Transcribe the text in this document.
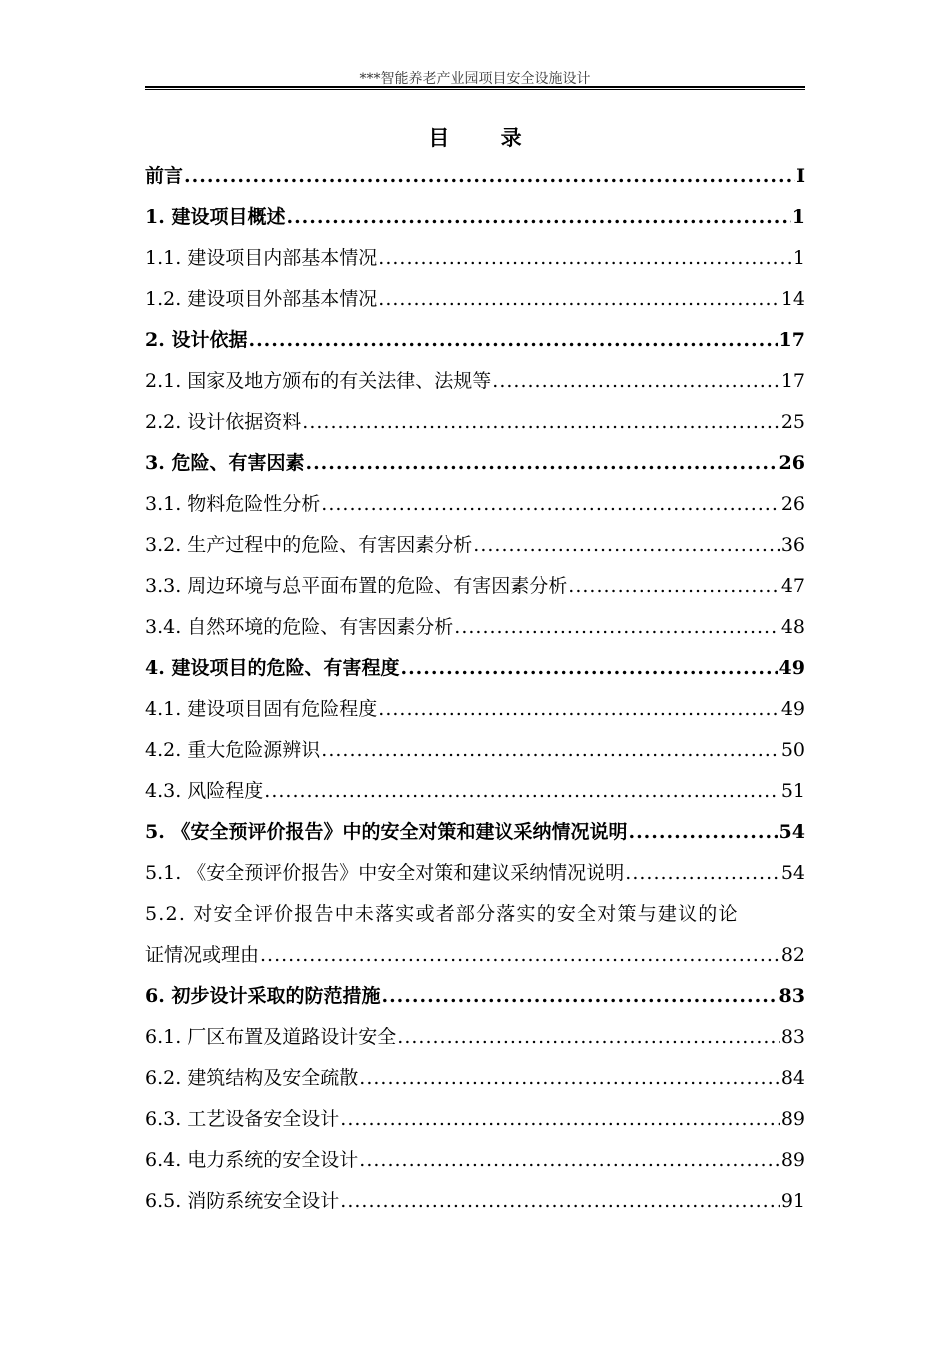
***智能养老产业园项目安全设施设计
目 录
前言 .....	I
1. 建设项目概述 .....	1
1.1. 建设项目内部基本情况 .....	1
1.2. 建设项目外部基本情况 .....	14
2. 设计依据 .....	17
2.1. 国家及地方颁布的有关法律、法规等 .....	17
2.2. 设计依据资料 .....	25
3. 危险、有害因素 .....	26
3.1. 物料危险性分析 .....	26
3.2. 生产过程中的危险、有害因素分析 .....	36
3.3. 周边环境与总平面布置的危险、有害因素分析 .....	47
3.4. 自然环境的危险、有害因素分析 .....	48
4. 建设项目的危险、有害程度 .....	49
4.1. 建设项目固有危险程度 .....	49
4.2. 重大危险源辨识 .....	50
4.3. 风险程度 .....	51
5. 《安全预评价报告》中的安全对策和建议采纳情况说明 .....	54
5.1. 《安全预评价报告》中安全对策和建议采纳情况说明 .....	54
5.2. 对安全评价报告中未落实或者部分落实的安全对策与建议的论
证情况或理由 .....	82
6. 初步设计采取的防范措施 .....	83
6.1. 厂区布置及道路设计安全 .....	83
6.2. 建筑结构及安全疏散 .....	84
6.3. 工艺设备安全设计 .....	89
6.4. 电力系统的安全设计 .....	89
6.5. 消防系统安全设计 .....	91
